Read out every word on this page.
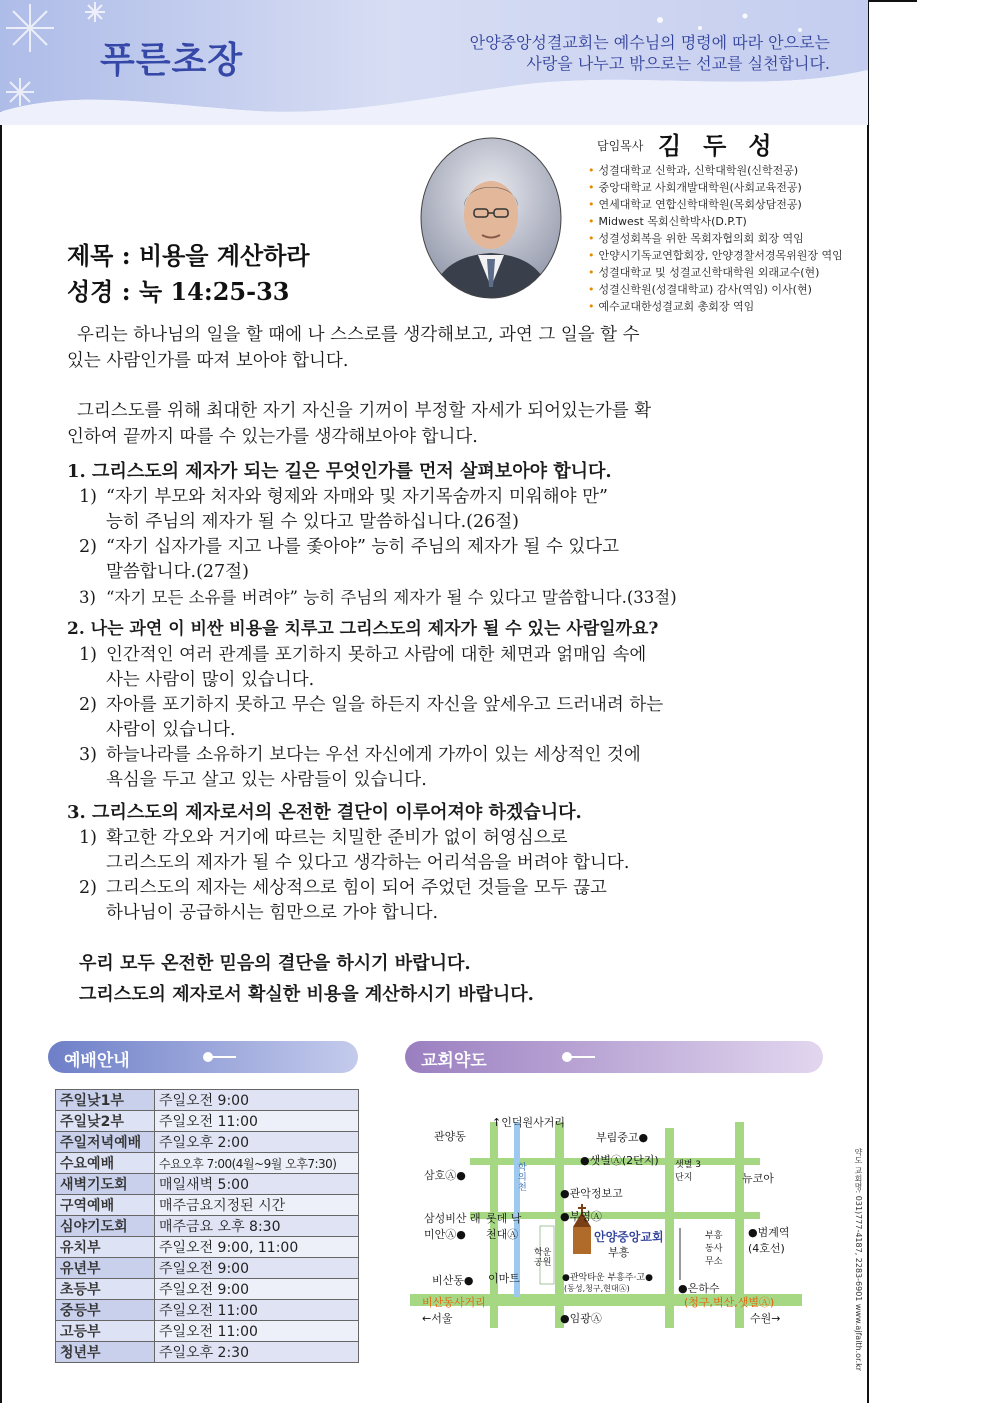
푸른초장	안양중앙성결교회는 예수님의 명령에 따라 안으로는
사랑을 나누고 밖으로는 선교를 실천합니다.
담임목사 김두성
• 성결대학교 신학과, 신학대학원(신학전공)
• 중앙대학교 사회개발대학원(사회교육전공)
• 연세대학교 연합신학대학원(목회상담전공)
• Midwest 목회신학박사(D.P.T)
• 성결성회복을 위한 목회자협의회 회장 역임
• 안양시기독교연합회장, 안양경찰서경목위원장 역임
• 성결대학교 및 성결교신학대학원 외래교수(현)
• 성결신학원(성결대학교) 감사(역임) 이사(현)
• 예수교대한성결교회 총회장 역임
제목 : 비용을 계산하라
성경 : 눅 14:25-33

우리는 하나님의 일을 할 때에 나 스스로를 생각해보고, 과연 그 일을 할 수
있는 사람인가를 따져 보아야 합니다.

그리스도를 위해 최대한 자기 자신을 기꺼이 부정할 자세가 되어있는가를 확
인하여 끝까지 따를 수 있는가를 생각해보아야 합니다.

1. 그리스도의 제자가 되는 길은 무엇인가를 먼저 살펴보아야 합니다.

1) “자기 부모와 처자와 형제와 자매와 및 자기목숨까지 미워해야 만”
능히 주님의 제자가 될 수 있다고 말씀하십니다.(26절)
2) “자기 십자가를 지고 나를 좇아야” 능히 주님의 제자가 될 수 있다고
말씀합니다.(27절)
3) “자기 모든 소유를 버려야” 능히 주님의 제자가 될 수 있다고 말씀합니다.(33절)

2. 나는 과연 이 비싼 비용을 치루고 그리스도의 제자가 될 수 있는 사람일까요?

1) 인간적인 여러 관계를 포기하지 못하고 사람에 대한 체면과 얽매임 속에
사는 사람이 많이 있습니다.
2) 자아를 포기하지 못하고 무슨 일을 하든지 자신을 앞세우고 드러내려 하는
사람이 있습니다.
3) 하늘나라를 소유하기 보다는 우선 자신에게 가까이 있는 세상적인 것에
욕심을 두고 살고 있는 사람들이 있습니다.

3. 그리스도의 제자로서의 온전한 결단이 이루어져야 하겠습니다.

1) 확고한 각오와 거기에 따르는 치밀한 준비가 없이 허영심으로
그리스도의 제자가 될 수 있다고 생각하는 어리석음을 버려야 합니다.
2) 그리스도의 제자는 세상적으로 힘이 되어 주었던 것들을 모두 끊고
하나님이 공급하시는 힘만으로 가야 합니다.
우리 모두 온전한 믿음의 결단을 하시기 바랍니다.
그리스도의 제자로서 확실한 비용을 계산하시기 바랍니다.
예배안내
주일낮1부	주일오전 9:00
주일낮2부	주일오전 11:00
주일저녁예배	주일오후 2:00
수요예배	수요오후 7:00(4월~9월 오후7:30)
새벽기도회	매일새벽 5:00
구역예배	매주금요지정된 시간
심야기도회	매주금요 오후 8:30
유치부	주일오전 9:00, 11:00
유년부	주일오전 9:00
초등부	주일오전 9:00
중등부	주일오전 11:00
고등부	주일오전 11:00
청년부	주일오후 2:30
교회약도
↑인덕원사거리
관양동	부림중고●
●샛별Ⓐ(2단지) 샛별 3단지	뉴코아
삼호Ⓐ●
학의천	●관악정보고
●부영Ⓐ
삼성비산 래미안Ⓐ●
롯데 낙천대Ⓐ	안양중앙교회
부흥
부흥 동사무소
●범계역 (4호선)
비산동● 이마트
학운공원
●관악타운 부흥주·고●
(동성,청구,현대Ⓐ)	●은하수
비산동사거리	(청구,벽산,샛별Ⓐ)
←서울	●임광Ⓐ	수원→	약도 교회명: 031)777-4187, 2283-6901 www.ajfaith.or.kr
